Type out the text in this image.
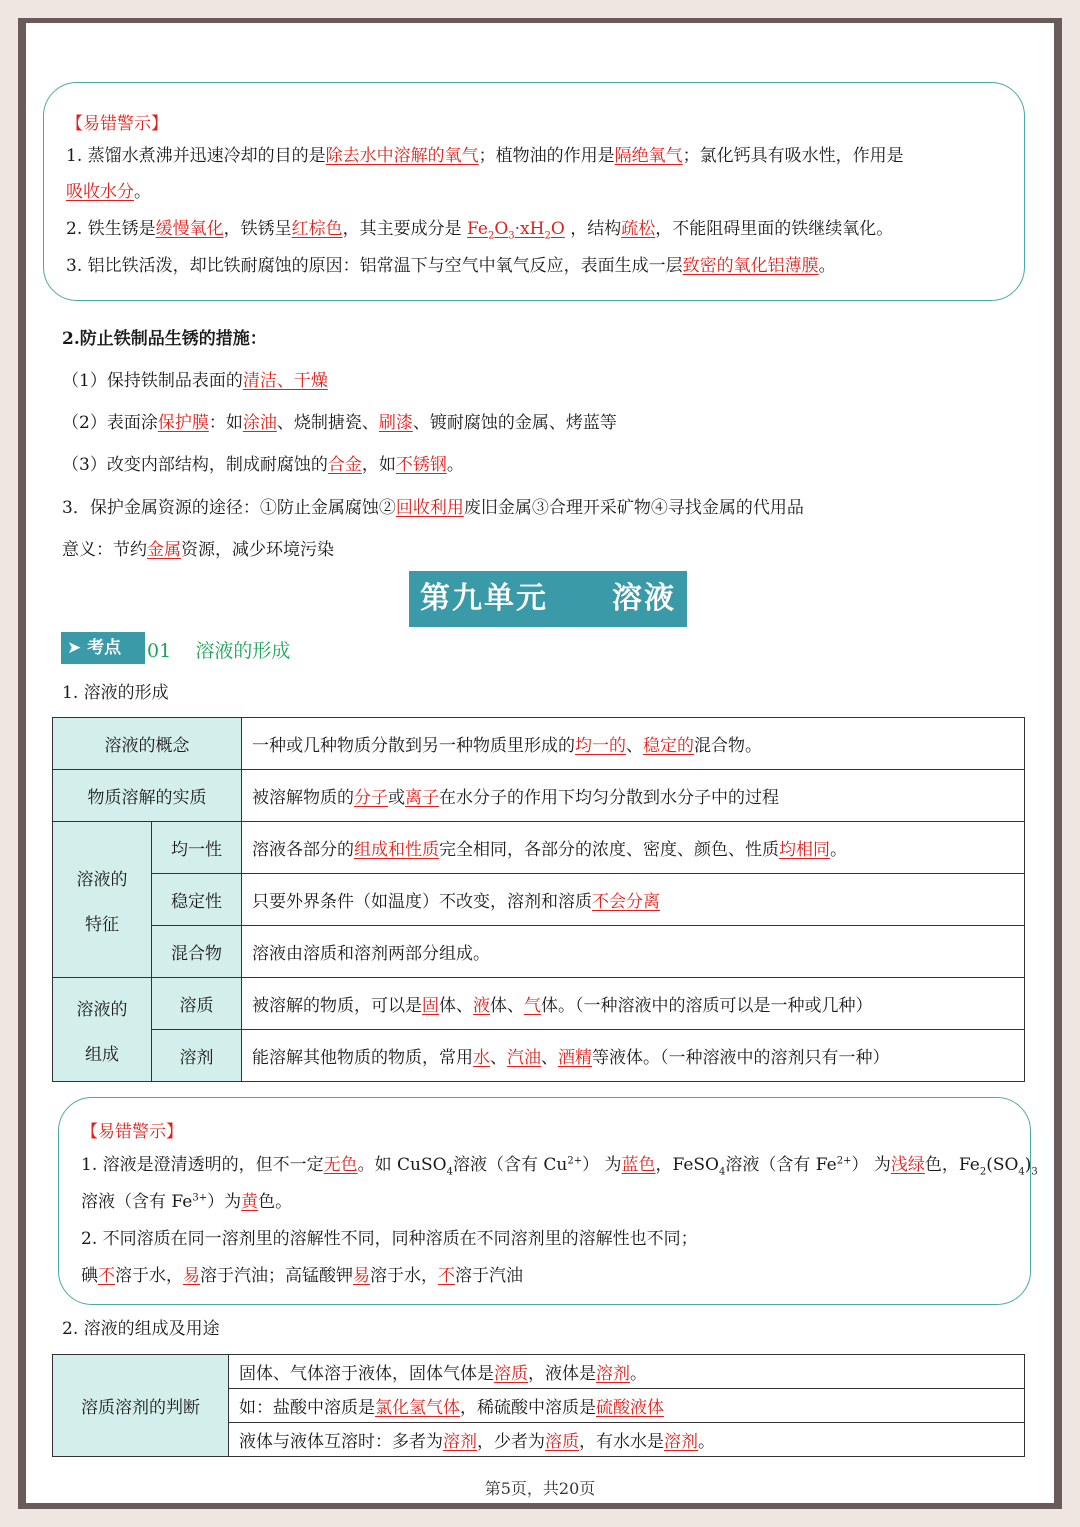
【易错警示】
1. 蒸馏水煮沸并迅速冷却的目的是除去水中溶解的氧气；植物油的作用是隔绝氧气；氯化钙具有吸水性，作用是
吸收水分。
2. 铁生锈是缓慢氧化，铁锈呈红棕色，其主要成分是 $Fe_2O_3\cdot xH_2O$ ，结构疏松，不能阻碍里面的铁继续氧化。
3. 铝比铁活泼，却比铁耐腐蚀的原因：铝常温下与空气中氧气反应，表面生成一层致密的氧化铝薄膜。
2.防止铁制品生锈的措施：
（1）保持铁制品表面的清洁、干燥
（2）表面涂保护膜：如涂油、烧制搪瓷、刷漆、镀耐腐蚀的金属、烤蓝等
（3）改变内部结构，制成耐腐蚀的合金，如不锈钢。
3．保护金属资源的途径：①防止金属腐蚀②回收利用废旧金属③合理开采矿物④寻找金属的代用品
意义：节约金属资源，减少环境污染
第九单元　　溶液
➤ 考点	01 溶液的形成
1. 溶液的形成
溶液的概念		一种或几种物质分散到另一种物质里形成的均一的、稳定的混合物。
物质溶解的实质		被溶解物质的分子或离子在水分子的作用下均匀分散到水分子中的过程
溶液的

特征	均一性	溶液各部分的组成和性质完全相同，各部分的浓度、密度、颜色、性质均相同。
	稳定性	只要外界条件（如温度）不改变，溶剂和溶质不会分离
	混合物	溶液由溶质和溶剂两部分组成。
溶液的

组成	溶质	被溶解的物质，可以是固体、液体、气体。（一种溶液中的溶质可以是一种或几种）
	溶剂	能溶解其他物质的物质，常用水、汽油、酒精等液体。（一种溶液中的溶剂只有一种）
【易错警示】
1. 溶液是澄清透明的，但不一定无色。如 CuSO$_4$溶液（含有 $Cu^{2+}$） 为蓝色，FeSO$_4$溶液（含有 $Fe^{2+}$） 为浅绿色，$Fe_2(SO_4)_3$
溶液（含有 $Fe^{3+}$）为黄色。
2. 不同溶质在同一溶剂里的溶解性不同，同种溶质在不同溶剂里的溶解性也不同；
碘不溶于水，易溶于汽油；高锰酸钾易溶于水，不溶于汽油
2. 溶液的组成及用途
溶质溶剂的判断	固体、气体溶于液体，固体气体是溶质，液体是溶剂。
如：盐酸中溶质是氯化氢气体，稀硫酸中溶质是硫酸液体
液体与液体互溶时：多者为溶剂，少者为溶质，有水水是溶剂。
第5页，共20页
